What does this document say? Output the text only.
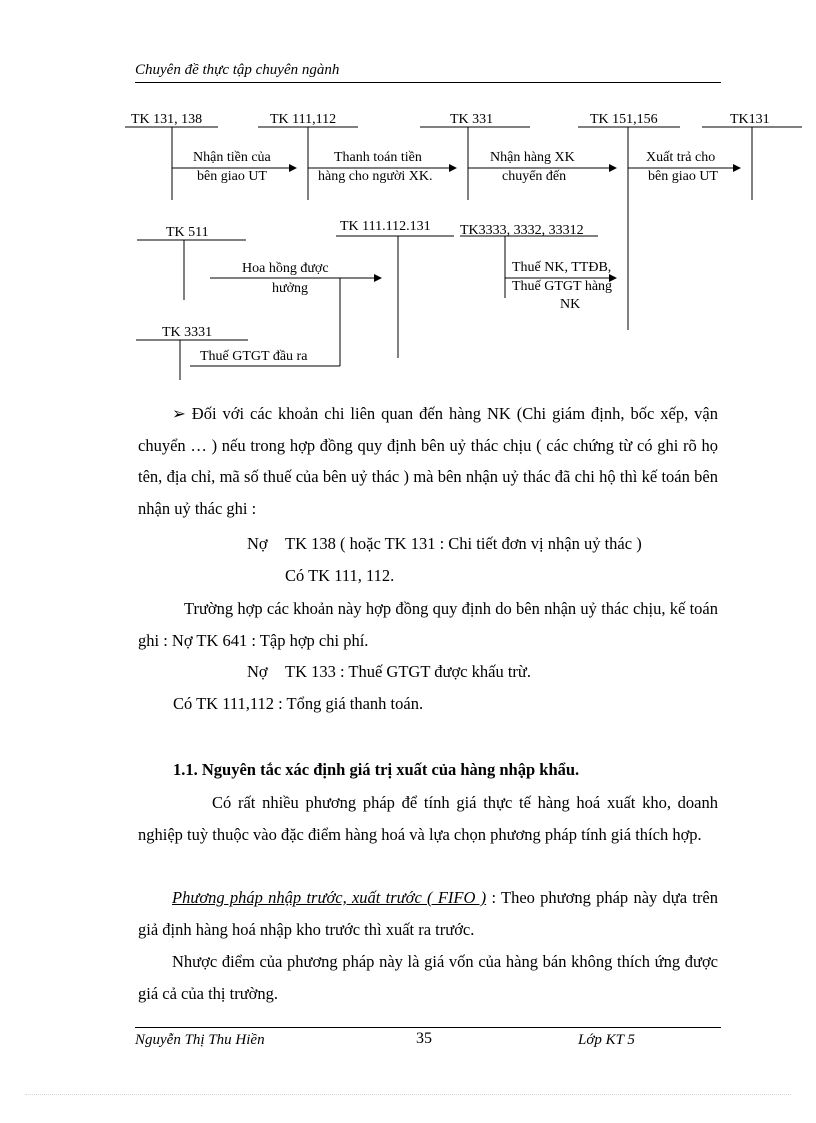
Chuyên đề thực tập chuyên ngành
TK 131, 138	TK 111,112	TK 331	TK 151,156	TK131
TK 511	TK 111.112.131 TK3333, 3332, 33312
TK 3331
Nhận tiền của
bên giao UT
Thanh toán tiền
hàng cho người XK.
Nhận hàng XK
chuyển đến
Xuất trả cho
bên giao UT
Hoa hồng được
hưởng
Thuế NK, TTĐB,
Thuế GTGT hàng
NK
Thuế GTGT đầu ra
➢ Đối với các khoản chi liên quan đến hàng NK (Chi giám định, bốc xếp, vận chuyển … ) nếu trong hợp đồng quy định bên uỷ thác chịu ( các chứng từ có ghi rõ họ tên, địa chỉ, mã số thuế của bên uỷ thác ) mà bên nhận uỷ thác đã chi hộ thì kế toán bên nhận uỷ thác ghi :
Nợ TK 138 ( hoặc TK 131 : Chi tiết đơn vị nhận uỷ thác )
Có TK 111, 112.
Trường hợp các khoản này hợp đồng quy định do bên nhận uỷ thác chịu, kế toán ghi : Nợ TK 641 : Tập hợp chi phí.
Nợ TK 133 : Thuế GTGT được khấu trừ.
Có TK 111,112 : Tổng giá thanh toán.
1.1. Nguyên tắc xác định giá trị xuất của hàng nhập khẩu.
Có rất nhiều phương pháp để tính giá thực tế hàng hoá xuất kho, doanh nghiệp tuỳ thuộc vào đặc điểm hàng hoá và lựa chọn phương pháp tính giá thích hợp.
Phương pháp nhập trước, xuất trước ( FIFO ) : Theo phương pháp này dựa trên giả định hàng hoá nhập kho trước thì xuất ra trước.
Nhược điểm của phương pháp này là giá vốn của hàng bán không thích ứng được giá cả của thị trường.
Nguyễn Thị Thu Hiền	35	Lớp KT 5
